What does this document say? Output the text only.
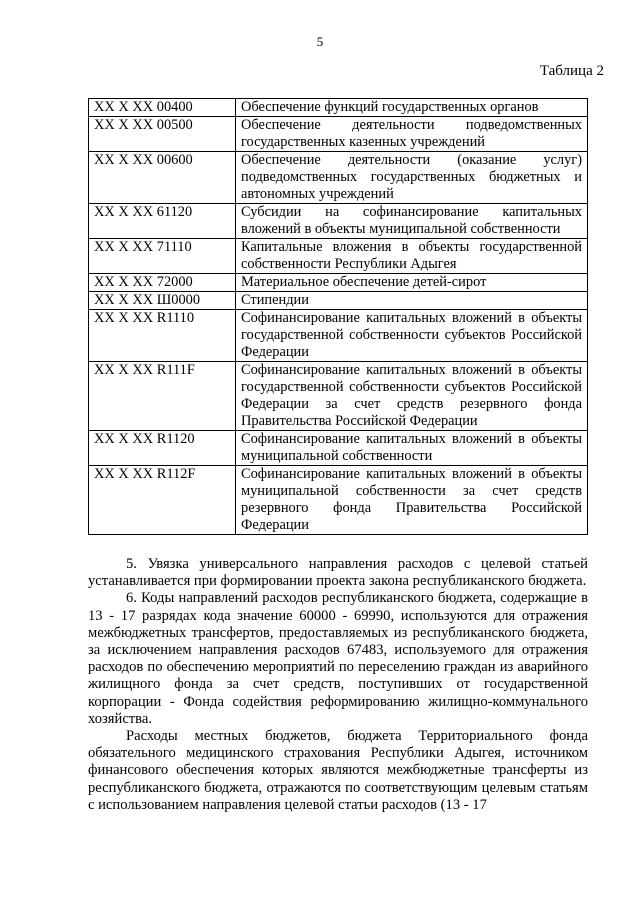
5
Таблица 2
XX X XX 00400	Обеспечение функций государственных органов
XX X XX 00500	Обеспечение деятельности подведомственных государственных казенных учреждений
XX X XX 00600	Обеспечение деятельности (оказание услуг) подведомственных государственных бюджетных и автономных учреждений
XX X XX 61120	Субсидии на софинансирование капитальных вложений в объекты муниципальной собственности
XX X XX 71110	Капитальные вложения в объекты государственной собственности Республики Адыгея
XX X XX 72000	Материальное обеспечение детей-сирот
XX X XX Ш0000	Стипендии
XX X XX R1110	Софинансирование капитальных вложений в объекты государственной собственности субъектов Российской Федерации
XX X XX R111F	Софинансирование капитальных вложений в объекты государственной собственности субъектов Российской Федерации за счет средств резервного фонда Правительства Российской Федерации
XX X XX R1120	Софинансирование капитальных вложений в объекты муниципальной собственности
XX X XX R112F	Софинансирование капитальных вложений в объекты муниципальной собственности за счет средств резервного фонда Правительства Российской Федерации

5. Увязка универсального направления расходов с целевой статьей устанавливается при формировании проекта закона республиканского бюджета.

6. Коды направлений расходов республиканского бюджета, содержащие в 13 - 17 разрядах кода значение 60000 - 69990, используются для отражения межбюджетных трансфертов, предоставляемых из республиканского бюджета, за исключением направления расходов 67483, используемого для отражения расходов по обеспечению мероприятий по переселению граждан из аварийного жилищного фонда за счет средств, поступивших от государственной корпорации - Фонда содействия реформированию жилищно-коммунального хозяйства.

Расходы местных бюджетов, бюджета Территориального фонда обязательного медицинского страхования Республики Адыгея, источником финансового обеспечения которых являются межбюджетные трансферты из республиканского бюджета, отражаются по соответствующим целевым статьям с использованием направления целевой статьи расходов (13 - 17
